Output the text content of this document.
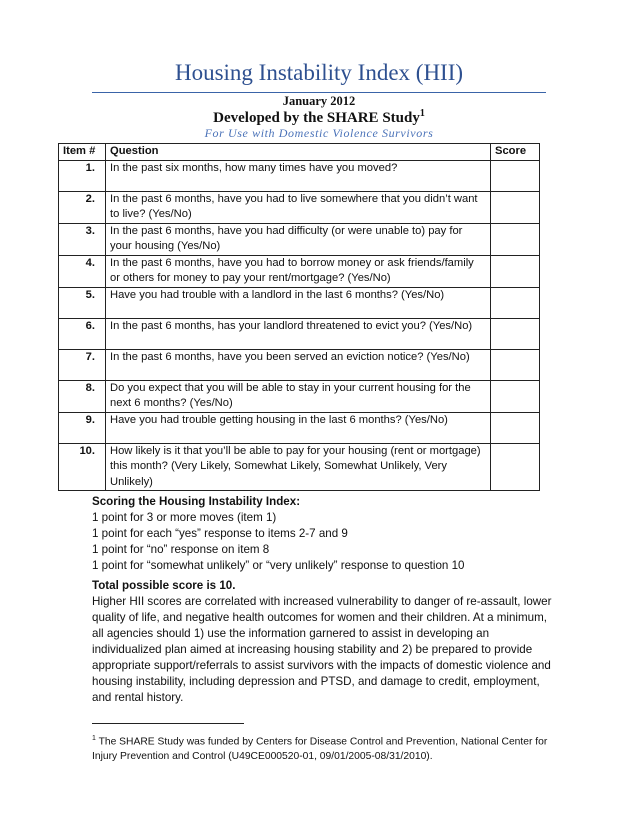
Housing Instability Index (HII)
January 2012
Developed by the SHARE Study$^1$
For Use with Domestic Violence Survivors
Item #	Question	Score
1.	In the past six months, how many times have you moved?	
2.	In the past 6 months, have you had to live somewhere that you didn’t want to live? (Yes/No)	
3.	In the past 6 months, have you had difficulty (or were unable to) pay for your housing (Yes/No)	
4.	In the past 6 months, have you had to borrow money or ask friends/family or others for money to pay your rent/mortgage? (Yes/No)	
5.	Have you had trouble with a landlord in the last 6 months? (Yes/No)	
6.	In the past 6 months, has your landlord threatened to evict you? (Yes/No)	
7.	In the past 6 months, have you been served an eviction notice? (Yes/No)	
8.	Do you expect that you will be able to stay in your current housing for the next 6 months? (Yes/No)	
9.	Have you had trouble getting housing in the last 6 months? (Yes/No)	
10.	How likely is it that you’ll be able to pay for your housing (rent or mortgage) this month? (Very Likely, Somewhat Likely, Somewhat Unlikely, Very Unlikely)	

Scoring the Housing Instability Index:

1 point for 3 or more moves (item 1)

1 point for each “yes” response to items 2-7 and 9

1 point for “no” response on item 8

1 point for “somewhat unlikely” or “very unlikely” response to question 10

Total possible score is 10.

Higher HII scores are correlated with increased vulnerability to danger of re-assault, lower quality of life, and negative health outcomes for women and their children. At a minimum, all agencies should 1) use the information garnered to assist in developing an individualized plan aimed at increasing housing stability and 2) be prepared to provide appropriate support/referrals to assist survivors with the impacts of domestic violence and housing instability, including depression and PTSD, and damage to credit, employment, and rental history.

$^1$ The SHARE Study was funded by Centers for Disease Control and Prevention, National Center for Injury Prevention and Control (U49CE000520-01, 09/01/2005-08/31/2010).
